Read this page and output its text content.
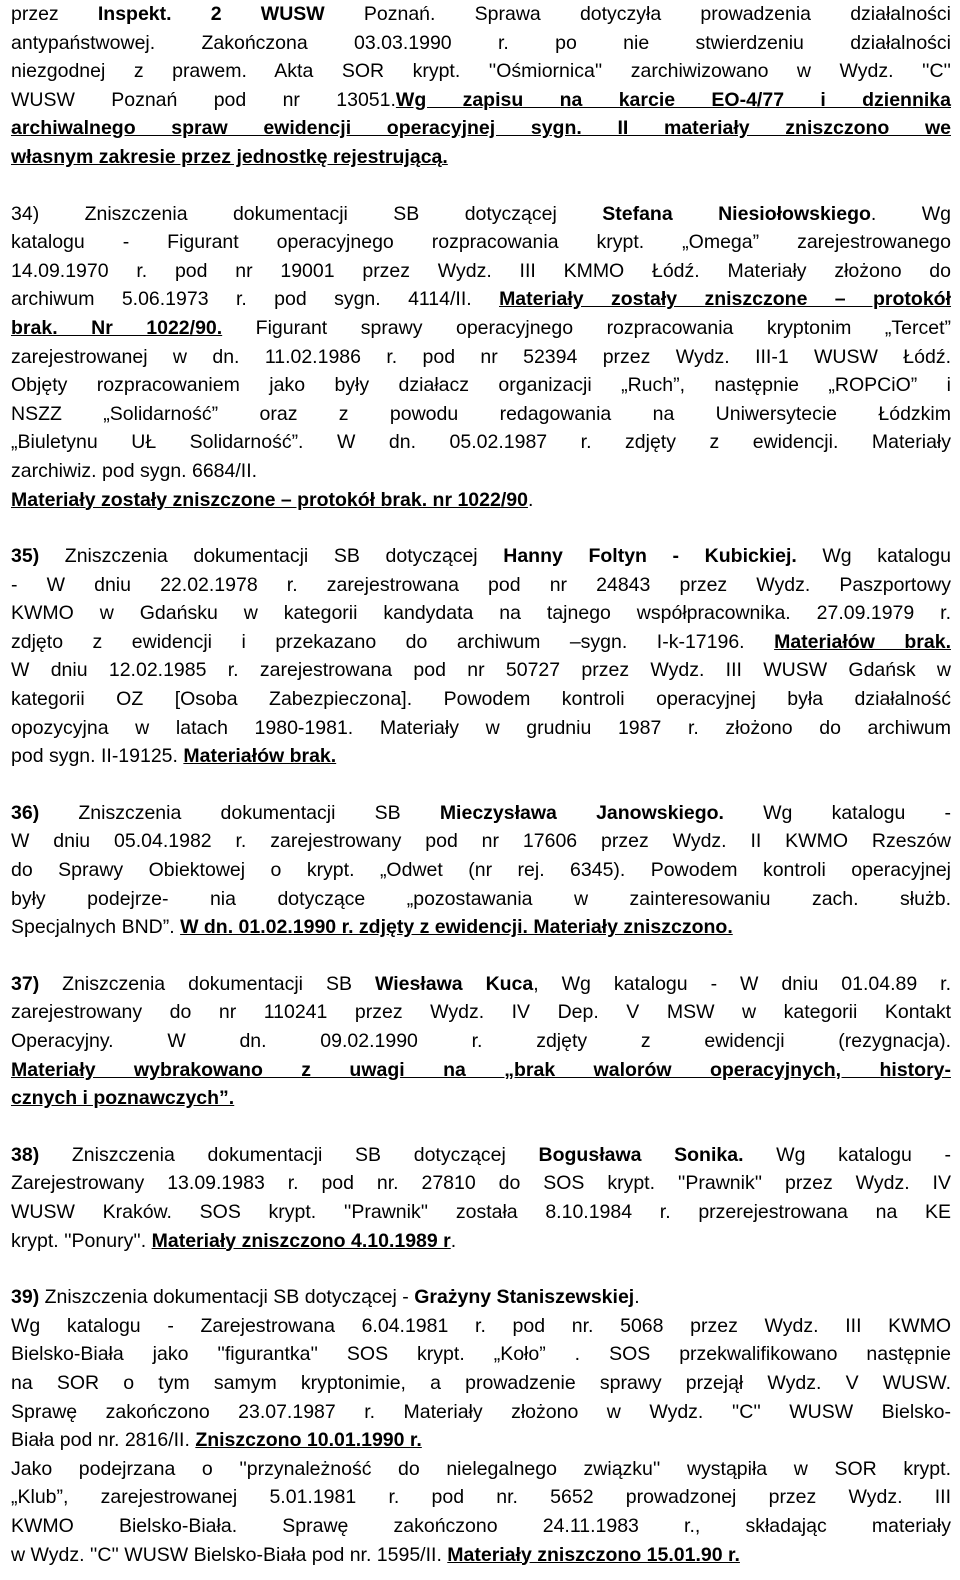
przez Inspekt. 2 WUSW Poznań. Sprawa dotyczyła prowadzenia działalności
antypaństwowej. Zakończona 03.03.1990 r. po nie stwierdzeniu działalności
niezgodnej z prawem. Akta SOR krypt. ''Ośmiornica'' zarchiwizowano w Wydz. ''C''
WUSW Poznań pod nr 13051.Wg zapisu na karcie EO-4/77 i dziennika
archiwalnego spraw ewidencji operacyjnej sygn. II materiały zniszczono we
własnym zakresie przez jednostkę rejestrującą.

34) Zniszczenia dokumentacji SB dotyczącej Stefana Niesiołowskiego. Wg
katalogu - Figurant operacyjnego rozpracowania krypt. „Omega” zarejestrowanego
14.09.1970 r. pod nr 19001 przez Wydz. III KMMO Łódź. Materiały złożono do
archiwum 5.06.1973 r. pod sygn. 4114/II. Materiały zostały zniszczone – protokół
brak. Nr 1022/90. Figurant sprawy operacyjnego rozpracowania kryptonim „Tercet”
zarejestrowanej w dn. 11.02.1986 r. pod nr 52394 przez Wydz. III-1 WUSW Łódź.
Objęty rozpracowaniem jako były działacz organizacji „Ruch”, następnie „ROPCiO” i
NSZZ „Solidarność” oraz z powodu redagowania na Uniwersytecie Łódzkim
„Biuletynu UŁ Solidarność”. W dn. 05.02.1987 r. zdjęty z ewidencji. Materiały
zarchiwiz. pod sygn. 6684/II.
Materiały zostały zniszczone – protokół brak. nr 1022/90.

35) Zniszczenia dokumentacji SB dotyczącej Hanny Foltyn - Kubickiej. Wg katalogu
- W dniu 22.02.1978 r. zarejestrowana pod nr 24843 przez Wydz. Paszportowy
KWMO w Gdańsku w kategorii kandydata na tajnego współpracownika. 27.09.1979 r.
zdjęto z ewidencji i przekazano do archiwum –sygn. I-k-17196. Materiałów brak.
W dniu 12.02.1985 r. zarejestrowana pod nr 50727 przez Wydz. III WUSW Gdańsk w
kategorii OZ [Osoba Zabezpieczona]. Powodem kontroli operacyjnej była działalność
opozycyjna w latach 1980-1981. Materiały w grudniu 1987 r. złożono do archiwum
pod sygn. II-19125. Materiałów brak.

36) Zniszczenia dokumentacji SB Mieczysława Janowskiego. Wg katalogu -
W dniu 05.04.1982 r. zarejestrowany pod nr 17606 przez Wydz. II KWMO Rzeszów
do Sprawy Obiektowej o krypt. „Odwet (nr rej. 6345). Powodem kontroli operacyjnej
były podejrze- nia dotyczące „pozostawania w zainteresowaniu zach. służb.
Specjalnych BND”. W dn. 01.02.1990 r. zdjęty z ewidencji. Materiały zniszczono.

37) Zniszczenia dokumentacji SB Wiesława Kuca, Wg katalogu - W dniu 01.04.89 r.
zarejestrowany do nr 110241 przez Wydz. IV Dep. V MSW w kategorii Kontakt
Operacyjny. W dn. 09.02.1990 r. zdjęty z ewidencji (rezygnacja).
Materiały wybrakowano z uwagi na „brak walorów operacyjnych, history-
cznych i poznawczych”.

38) Zniszczenia dokumentacji SB dotyczącej Bogusława Sonika. Wg katalogu -
Zarejestrowany 13.09.1983 r. pod nr. 27810 do SOS krypt. ''Prawnik'' przez Wydz. IV
WUSW Kraków. SOS krypt. ''Prawnik'' została 8.10.1984 r. przerejestrowana na KE
krypt. ''Ponury''. Materiały zniszczono 4.10.1989 r.

39) Zniszczenia dokumentacji SB dotyczącej - Grażyny Staniszewskiej.
Wg katalogu - Zarejestrowana 6.04.1981 r. pod nr. 5068 przez Wydz. III KWMO
Bielsko-Biała jako ''figurantka'' SOS krypt. „Koło” . SOS przekwalifikowano następnie
na SOR o tym samym kryptonimie, a prowadzenie sprawy przejął Wydz. V WUSW.
Sprawę zakończono 23.07.1987 r. Materiały złożono w Wydz. ''C'' WUSW Bielsko-
Biała pod nr. 2816/II. Zniszczono 10.01.1990 r.
Jako podejrzana o ''przynależność do nielegalnego związku'' wystąpiła w SOR krypt.
„Klub”, zarejestrowanej 5.01.1981 r. pod nr. 5652 prowadzonej przez Wydz. III
KWMO Bielsko-Biała. Sprawę zakończono 24.11.1983 r., składając materiały
w Wydz. ''C'' WUSW Bielsko-Biała pod nr. 1595/II. Materiały zniszczono 15.01.90 r.
